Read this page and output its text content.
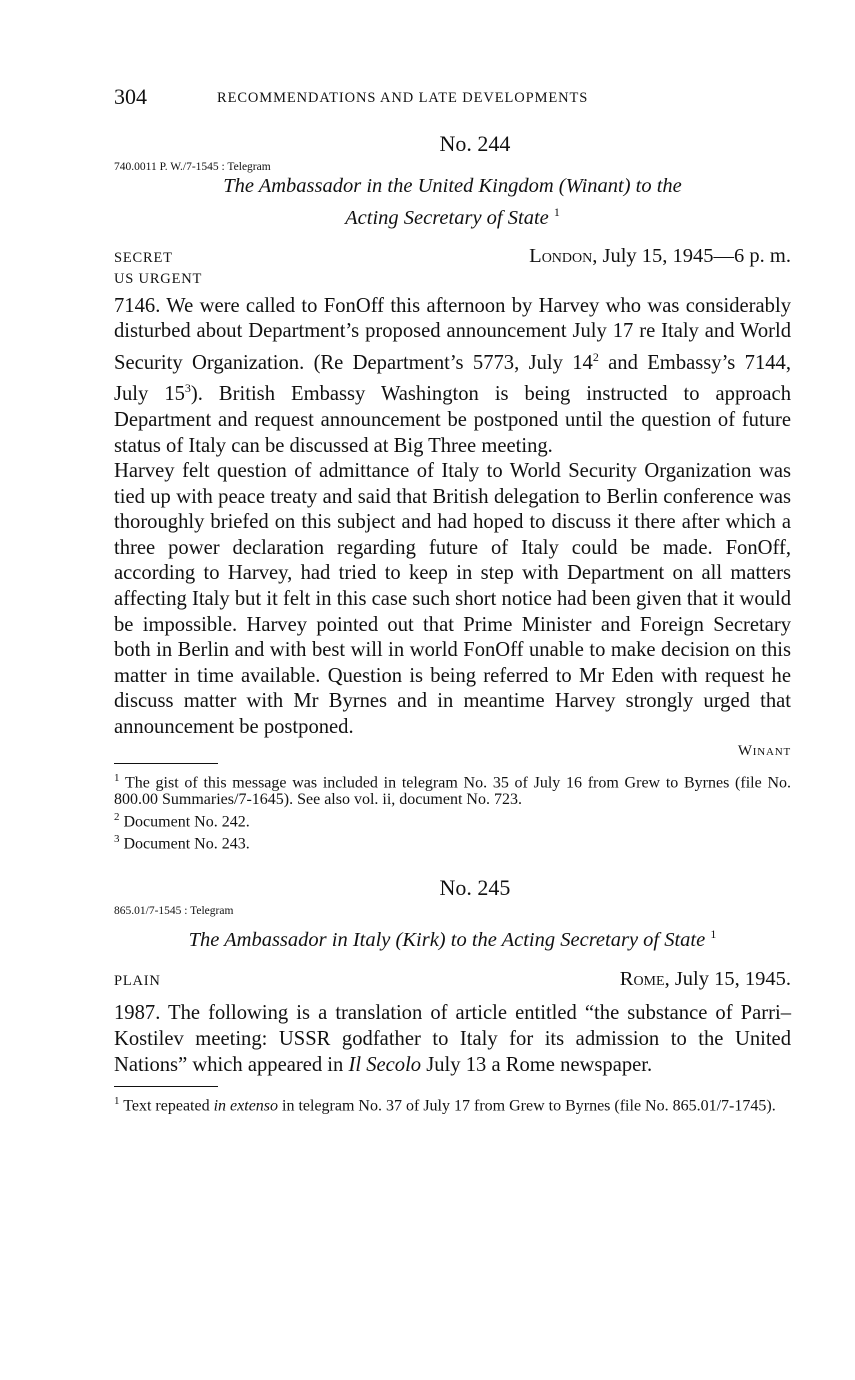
304	RECOMMENDATIONS AND LATE DEVELOPMENTS
No. 244
740.0011 P. W./7-1545 : Telegram
The Ambassador in the United Kingdom (Winant) to the
Acting Secretary of State $^1$
SECRET	London, July 15, 1945—6 p. m.
US URGENT

7146. We were called to FonOff this afternoon by Harvey who was considerably disturbed about Department’s proposed announcement July 17 re Italy and World Security Organization. (Re Department’s 5773, July $14^2$ and Embassy’s 7144, July $15^3$). British Embassy Washington is being instructed to approach Department and request announcement be postponed until the question of future status of Italy can be discussed at Big Three meeting.

Harvey felt question of admittance of Italy to World Security Organization was tied up with peace treaty and said that British delegation to Berlin conference was thoroughly briefed on this subject and had hoped to discuss it there after which a three power declaration regarding future of Italy could be made. FonOff, according to Harvey, had tried to keep in step with Department on all matters affecting Italy but it felt in this case such short notice had been given that it would be impossible. Harvey pointed out that Prime Minister and Foreign Secretary both in Berlin and with best will in world FonOff unable to make decision on this matter in time available. Question is being referred to Mr Eden with request he discuss matter with Mr Byrnes and in meantime Harvey strongly urged that announcement be postponed.

Winant

$^1$ The gist of this message was included in telegram No. 35 of July 16 from Grew to Byrnes (file No. 800.00 Summaries/7-1645). See also vol. ii, document No. 723.

$^2$ Document No. 242.

$^3$ Document No. 243.

No. 245
865.01/7-1545 : Telegram
The Ambassador in Italy (Kirk) to the Acting Secretary of State $^1$
PLAIN	Rome, July 15, 1945.

1987. The following is a translation of article entitled “the substance of Parri–Kostilev meeting: USSR godfather to Italy for its admission to the United Nations” which appeared in Il Secolo July 13 a Rome newspaper.

$^1$ Text repeated in extenso in telegram No. 37 of July 17 from Grew to Byrnes (file No. 865.01/7-1745).
